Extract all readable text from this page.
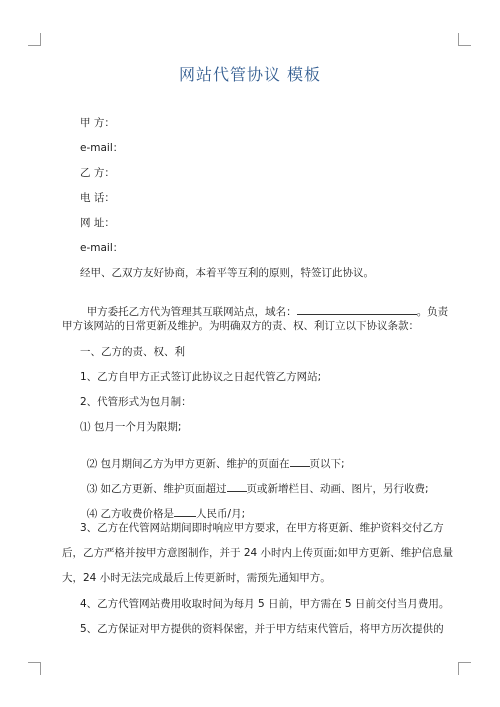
网站代管协议 模板
甲 方：
e-mail：
乙 方：
电 话：
网 址：
e-mail：
经甲、乙双方友好协商，本着平等互利的原则，特签订此协议。

甲方委托乙方代为管理其互联网站点，域名：	。负责

甲方该网站的日常更新及维护。为明确双方的责、权、利订立以下协议条款：
一、乙方的责、权、利
1、乙方自甲方正式签订此协议之日起代管乙方网站;
2、代管形式为包月制：
⑴ 包月一个月为限期;

⑵ 包月期间乙方为甲方更新、维护的页面在 页以下;

⑶ 如乙方更新、维护页面超过 页或新增栏目、动画、图片，另行收费;

⑷ 乙方收费价格是 人民币/月;

3、乙方在代管网站期间即时响应甲方要求，在甲方将更新、维护资料交付乙方
后，乙方严格并按甲方意图制作，并于 24 小时内上传页面;如甲方更新、维护信息量
大，24 小时无法完成最后上传更新时，需预先通知甲方。
4、乙方代管网站费用收取时间为每月 5 日前，甲方需在 5 日前交付当月费用。
5、乙方保证对甲方提供的资料保密，并于甲方结束代管后，将甲方历次提供的
